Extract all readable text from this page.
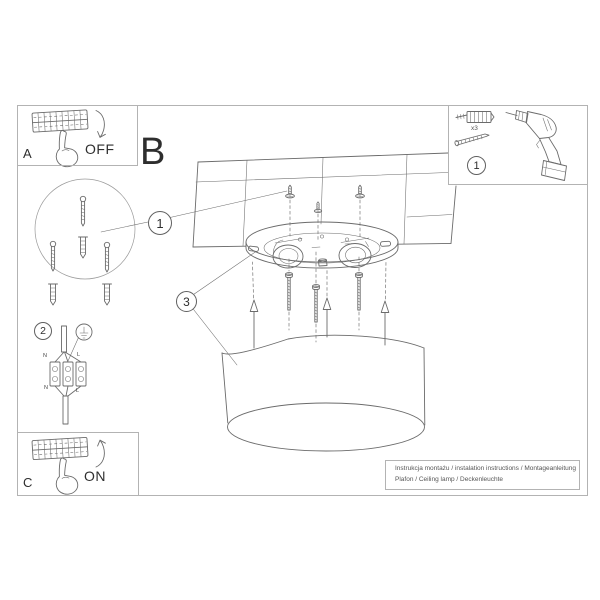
A	OFF
C	ON
x3
1
B
1
2
3
N	L
N	L
Instrukcja montażu / instalation instructions / Montageanleitung
Plafon / Ceiling lamp / Deckenleuchte
